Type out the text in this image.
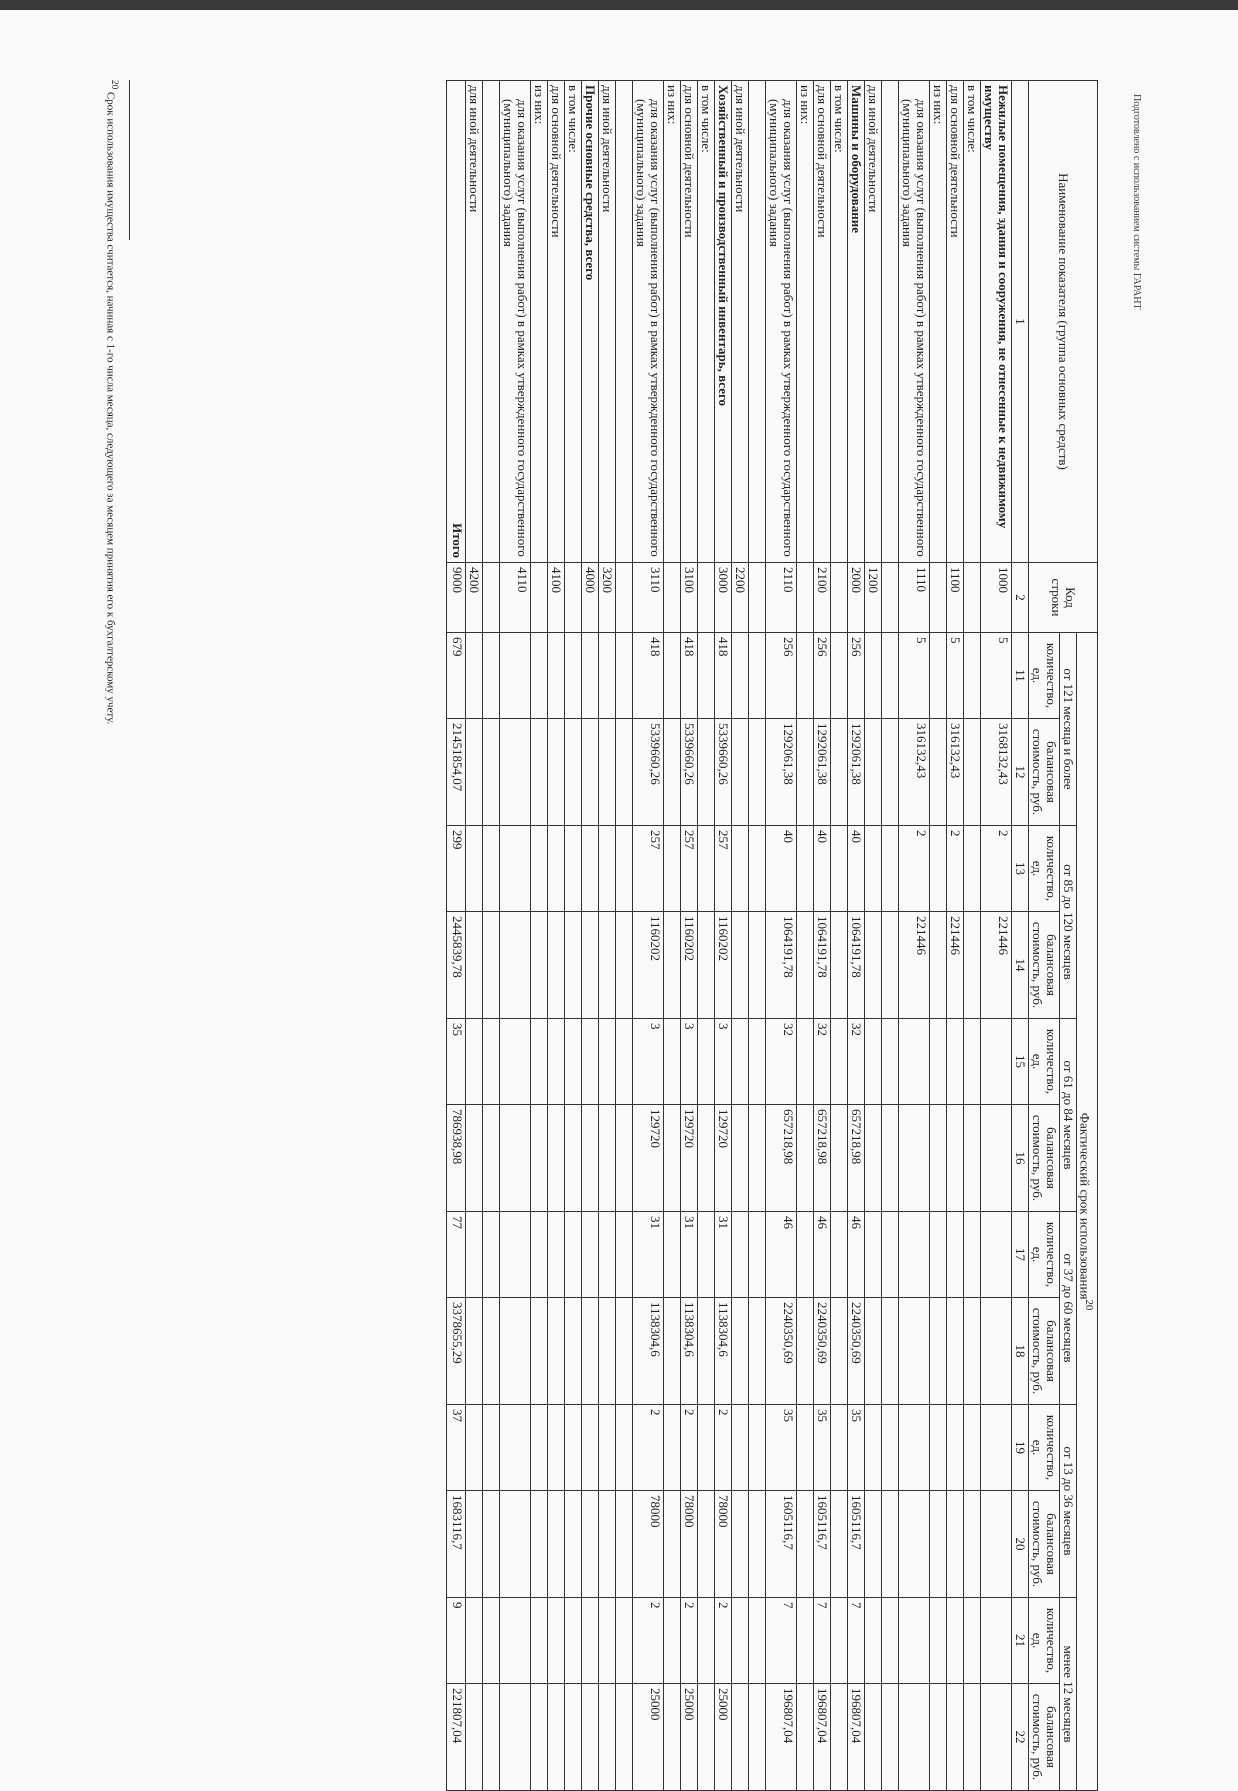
Подготовлено с использованием системы ГАРАНТ
Наименование показателя (группа основных средств)	Код строки	Фактический срок использования$^{20}$
		от 121 месяца и более		от 85 до 120 месяцев		от 61 до 84 месяцев		от 37 до 60 месяцев		от 13 до 36 месяцев		менее 12 месяцев	
		количество, ед.	балансовая стоимость, руб.	количество, ед.	балансовая стоимость, руб.	количество, ед.	балансовая стоимость, руб.	количество, ед.	балансовая стоимость, руб.	количество, ед.	балансовая стоимость, руб.	количество, ед.	балансовая стоимость, руб.
1	2	11	12	13	14	15	16	17	18	19	20	21	22
Нежилые помещения, здания и сооружения, не отнесенные к недвижимому имуществу	1000	5	3168132,43	2	221446								
в том числе:													
для основной деятельности	1100	5	316132,43	2	221446								
из них:													
для оказания услуг (выполнения работ) в рамках утвержденного государственного (муниципального) задания	1110	5	316132,43	2	221446								

для иной деятельности	1200												
Машины и оборудование	2000	256	1292061,38	40	1064191,78	32	657218,98	46	2240350,69	35	1605116,7	7	196807,04
в том числе:													
для основной деятельности	2100	256	1292061,38	40	1064191,78	32	657218,98	46	2240350,69	35	1605116,7	7	196807,04
из них:													
для оказания услуг (выполнения работ) в рамках утвержденного государственного (муниципального) задания	2110	256	1292061,38	40	1064191,78	32	657218,98	46	2240350,69	35	1605116,7	7	196807,04

для иной деятельности	2200												
Хозяйственный и производственный инвентарь, всего	3000	418	5339660,26	257	1160202	3	129720	31	1138304,6	2	78000	2	25000
в том числе:													
для основной деятельности	3100	418	5339660,26	257	1160202	3	129720	31	1138304,6	2	78000	2	25000
из них:													
для оказания услуг (выполнения работ) в рамках утвержденного государственного (муниципального) задания	3110	418	5339660,26	257	1160202	3	129720	31	1138304,6	2	78000	2	25000

для иной деятельности	3200												
Прочие основные средства, всего	4000												
в том числе:													
для основной деятельности	4100												
из них:													
для оказания услуг (выполнения работ) в рамках утвержденного государственного (муниципального) задания	4110												

для иной деятельности	4200												
Итого	9000	679	21451854,07	299	2445839,78	35	786938,98	77	3378655,29	37	1683116,7	9	221807,04
$^{20}$ Срок использования имущества считается, начиная с 1-го числа месяца, следующего за месяцем принятия его к бухгалтерскому учету.
